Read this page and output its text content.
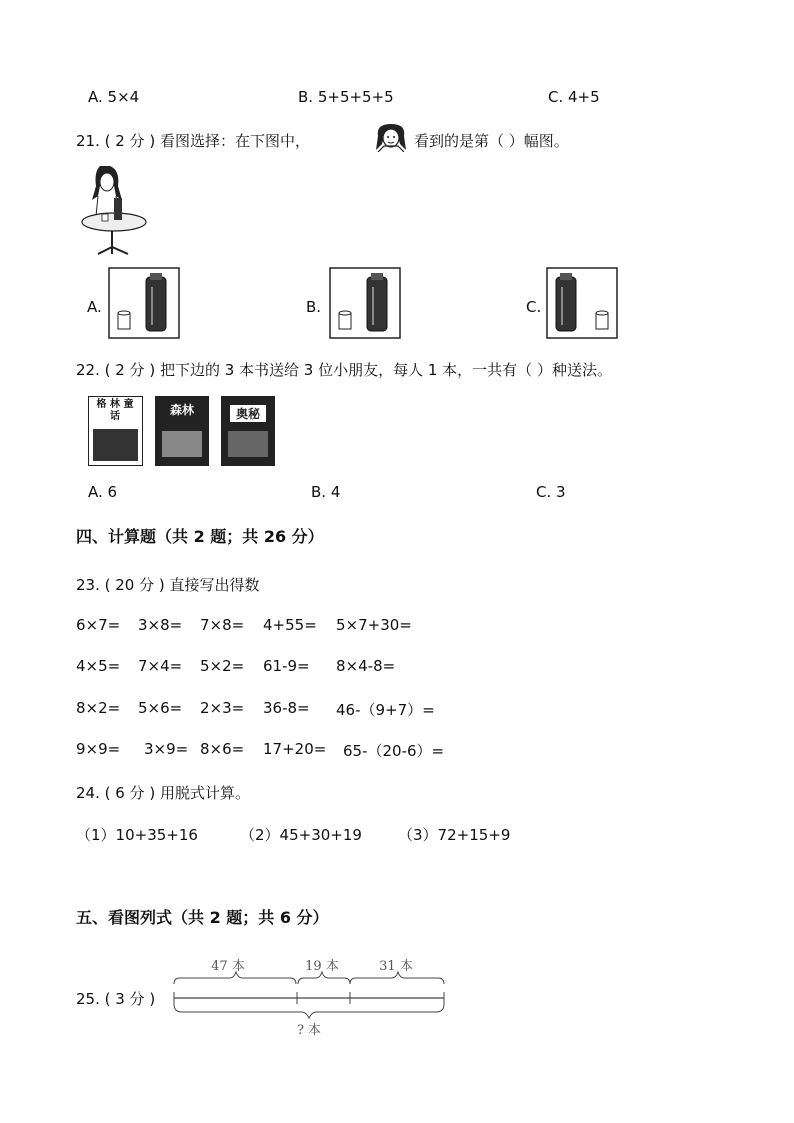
A. 5×4	B. 5+5+5+5	C. 4+5
21. ( 2 分 ) 看图选择：在下图中，	看到的是第（ ）幅图。
A.	B.	C.
22. ( 2 分 ) 把下边的 3 本书送给 3 位小朋友，每人 1 本，一共有（ ）种送法。
格 林 童 话	森林	奥秘
A. 6	B. 4	C. 3
四、计算题（共 2 题；共 26 分）
23. ( 20 分 ) 直接写出得数
6×7= 3×8= 7×8= 4+55= 5×7+30=
4×5= 7×4= 5×2= 61-9= 8×4-8=
8×2= 5×6= 2×3= 36-8= 46-（9+7）=
9×9= 3×9= 8×6= 17+20= 65-（20-6）=
24. ( 6 分 ) 用脱式计算。
（1）10+35+16	（2）45+30+19 （3）72+15+9
五、看图列式（共 2 题；共 6 分）
25. ( 3 分 )
47 本	19 本	31 本
? 本
